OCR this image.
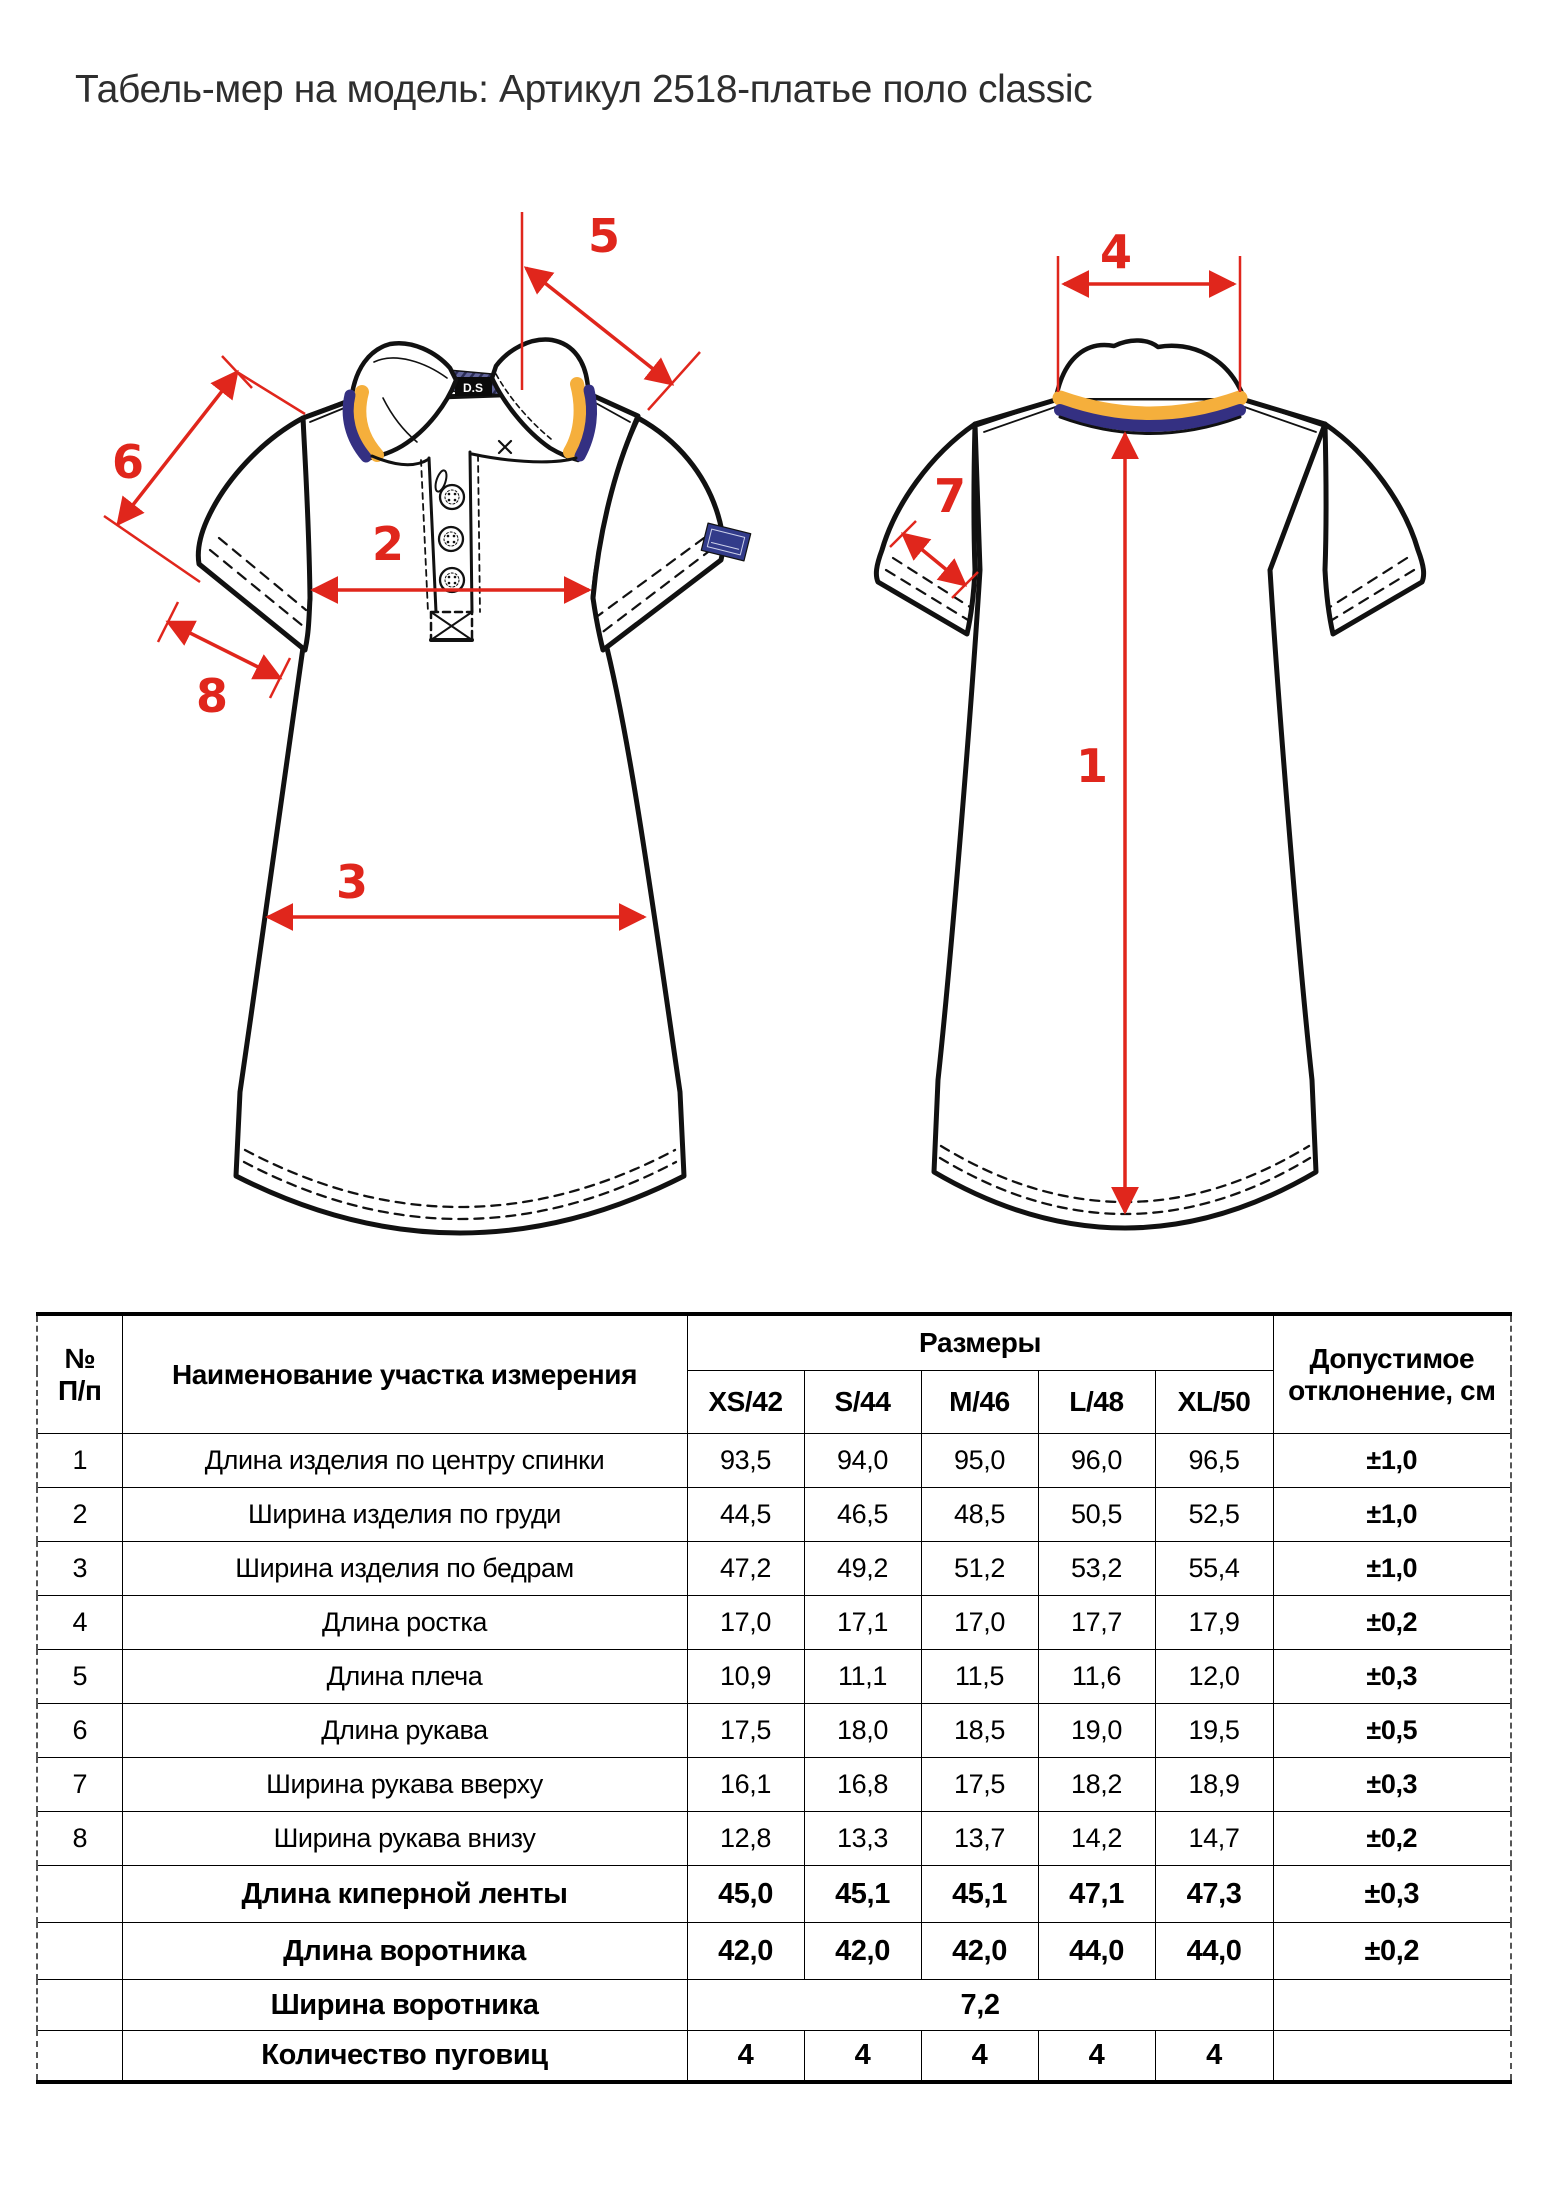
Табель-мер на модель: Артикул 2518-платье поло classic
D.S
6
5
2
8
3
4
1
7
№
П/п
	Наименование участка измерения	Размеры	
Допустимое
отклонение, см

		XS/42	S/44	M/46	L/48	XL/50	
1	Длина изделия по центру спинки	93,5	94,0	95,0	96,0	96,5	±1,0
2	Ширина изделия по груди	44,5	46,5	48,5	50,5	52,5	±1,0
3	Ширина изделия по бедрам	47,2	49,2	51,2	53,2	55,4	±1,0
4	Длина ростка	17,0	17,1	17,0	17,7	17,9	±0,2
5	Длина плеча	10,9	11,1	11,5	11,6	12,0	±0,3
6	Длина рукава	17,5	18,0	18,5	19,0	19,5	±0,5
7	Ширина рукава вверху	16,1	16,8	17,5	18,2	18,9	±0,3
8	Ширина рукава внизу	12,8	13,3	13,7	14,2	14,7	±0,2
	Длина киперной ленты	45,0	45,1	45,1	47,1	47,3	±0,3
	Длина воротника	42,0	42,0	42,0	44,0	44,0	±0,2
	Ширина воротника	7,2					
	Количество пуговиц	4	4	4	4	4	
